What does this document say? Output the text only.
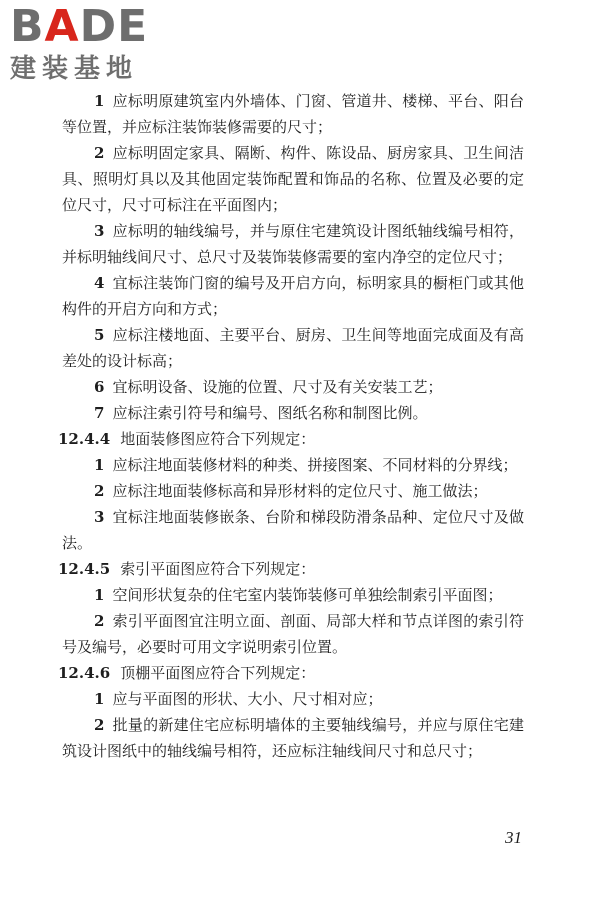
BADE
建装基地

1 应标明原建筑室内外墙体、门窗、管道井、楼梯、平台、阳台等位置，并应标注装饰装修需要的尺寸；

2 应标明固定家具、隔断、构件、陈设品、厨房家具、卫生间洁具、照明灯具以及其他固定装饰配置和饰品的名称、位置及必要的定位尺寸，尺寸可标注在平面图内；

3 应标明的轴线编号，并与原住宅建筑设计图纸轴线编号相符，并标明轴线间尺寸、总尺寸及装饰装修需要的室内净空的定位尺寸；

4 宜标注装饰门窗的编号及开启方向，标明家具的橱柜门或其他构件的开启方向和方式；

5 应标注楼地面、主要平台、厨房、卫生间等地面完成面及有高差处的设计标高；

6 宜标明设备、设施的位置、尺寸及有关安装工艺；

7 应标注索引符号和编号、图纸名称和制图比例。

12.4.4 地面装修图应符合下列规定：

1 应标注地面装修材料的种类、拼接图案、不同材料的分界线；

2 应标注地面装修标高和异形材料的定位尺寸、施工做法；

3 宜标注地面装修嵌条、台阶和梯段防滑条品种、定位尺寸及做法。

12.4.5 索引平面图应符合下列规定：

1 空间形状复杂的住宅室内装饰装修可单独绘制索引平面图；

2 索引平面图宜注明立面、剖面、局部大样和节点详图的索引符号及编号，必要时可用文字说明索引位置。

12.4.6 顶棚平面图应符合下列规定：

1 应与平面图的形状、大小、尺寸相对应；

2 批量的新建住宅应标明墙体的主要轴线编号，并应与原住宅建筑设计图纸中的轴线编号相符，还应标注轴线间尺寸和总尺寸；

31
